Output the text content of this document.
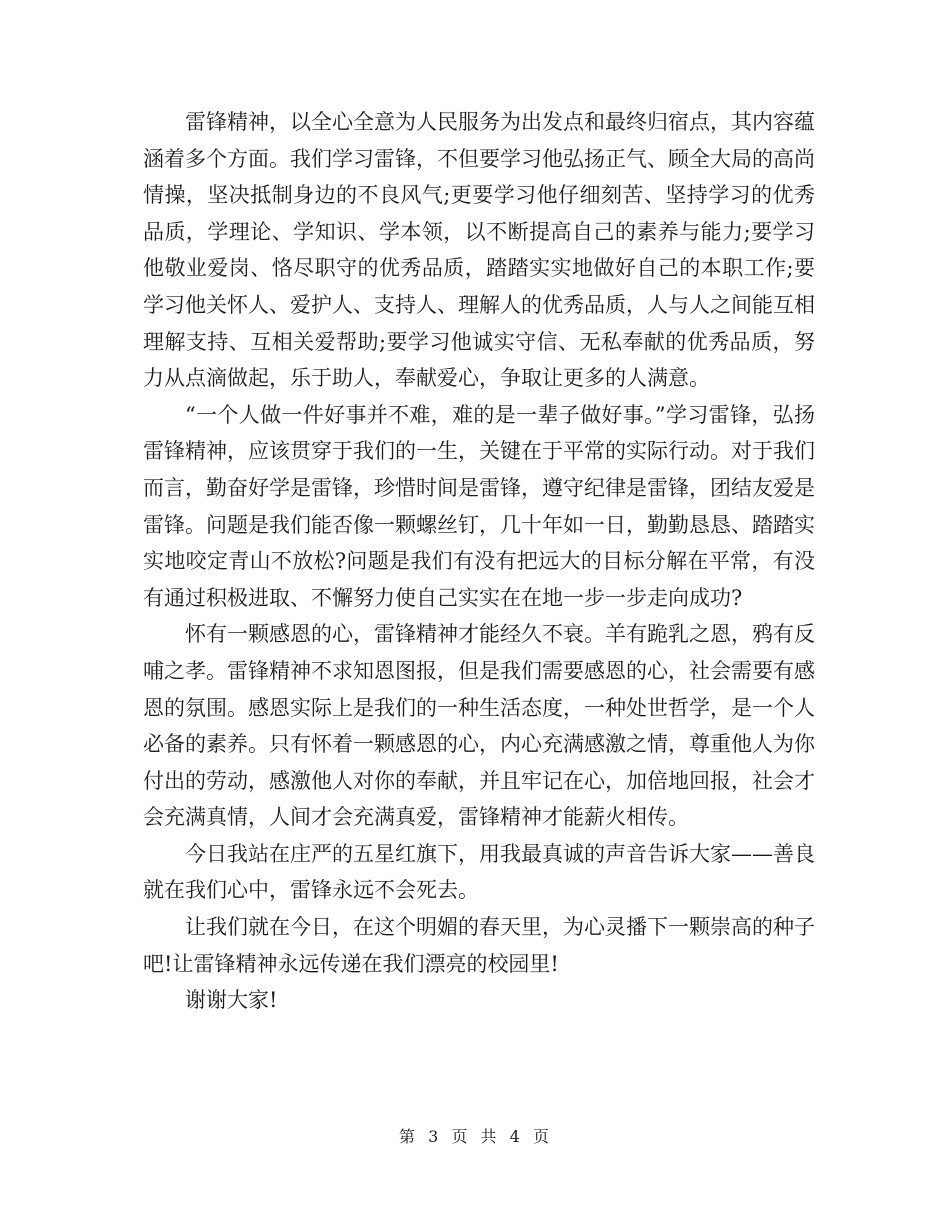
雷锋精神，以全心全意为人民服务为出发点和最终归宿点，其内容蕴涵着多个方面。我们学习雷锋，不但要学习他弘扬正气、顾全大局的高尚情操，坚决抵制身边的不良风气;更要学习他仔细刻苦、坚持学习的优秀品质，学理论、学知识、学本领，以不断提高自己的素养与能力;要学习他敬业爱岗、恪尽职守的优秀品质，踏踏实实地做好自己的本职工作;要学习他关怀人、爱护人、支持人、理解人的优秀品质，人与人之间能互相理解支持、互相关爱帮助;要学习他诚实守信、无私奉献的优秀品质，努力从点滴做起，乐于助人，奉献爱心，争取让更多的人满意。

“一个人做一件好事并不难，难的是一辈子做好事。”学习雷锋，弘扬雷锋精神，应该贯穿于我们的一生，关键在于平常的实际行动。对于我们而言，勤奋好学是雷锋，珍惜时间是雷锋，遵守纪律是雷锋，团结友爱是雷锋。问题是我们能否像一颗螺丝钉，几十年如一日，勤勤恳恳、踏踏实实地咬定青山不放松?问题是我们有没有把远大的目标分解在平常，有没有通过积极进取、不懈努力使自己实实在在地一步一步走向成功?

怀有一颗感恩的心，雷锋精神才能经久不衰。羊有跪乳之恩，鸦有反哺之孝。雷锋精神不求知恩图报，但是我们需要感恩的心，社会需要有感恩的氛围。感恩实际上是我们的一种生活态度，一种处世哲学，是一个人必备的素养。只有怀着一颗感恩的心，内心充满感激之情，尊重他人为你付出的劳动，感激他人对你的奉献，并且牢记在心，加倍地回报，社会才会充满真情，人间才会充满真爱，雷锋精神才能薪火相传。

今日我站在庄严的五星红旗下，用我最真诚的声音告诉大家——善良就在我们心中，雷锋永远不会死去。

让我们就在今日，在这个明媚的春天里，为心灵播下一颗崇高的种子吧!让雷锋精神永远传递在我们漂亮的校园里!

谢谢大家!

第 3 页 共 4 页
